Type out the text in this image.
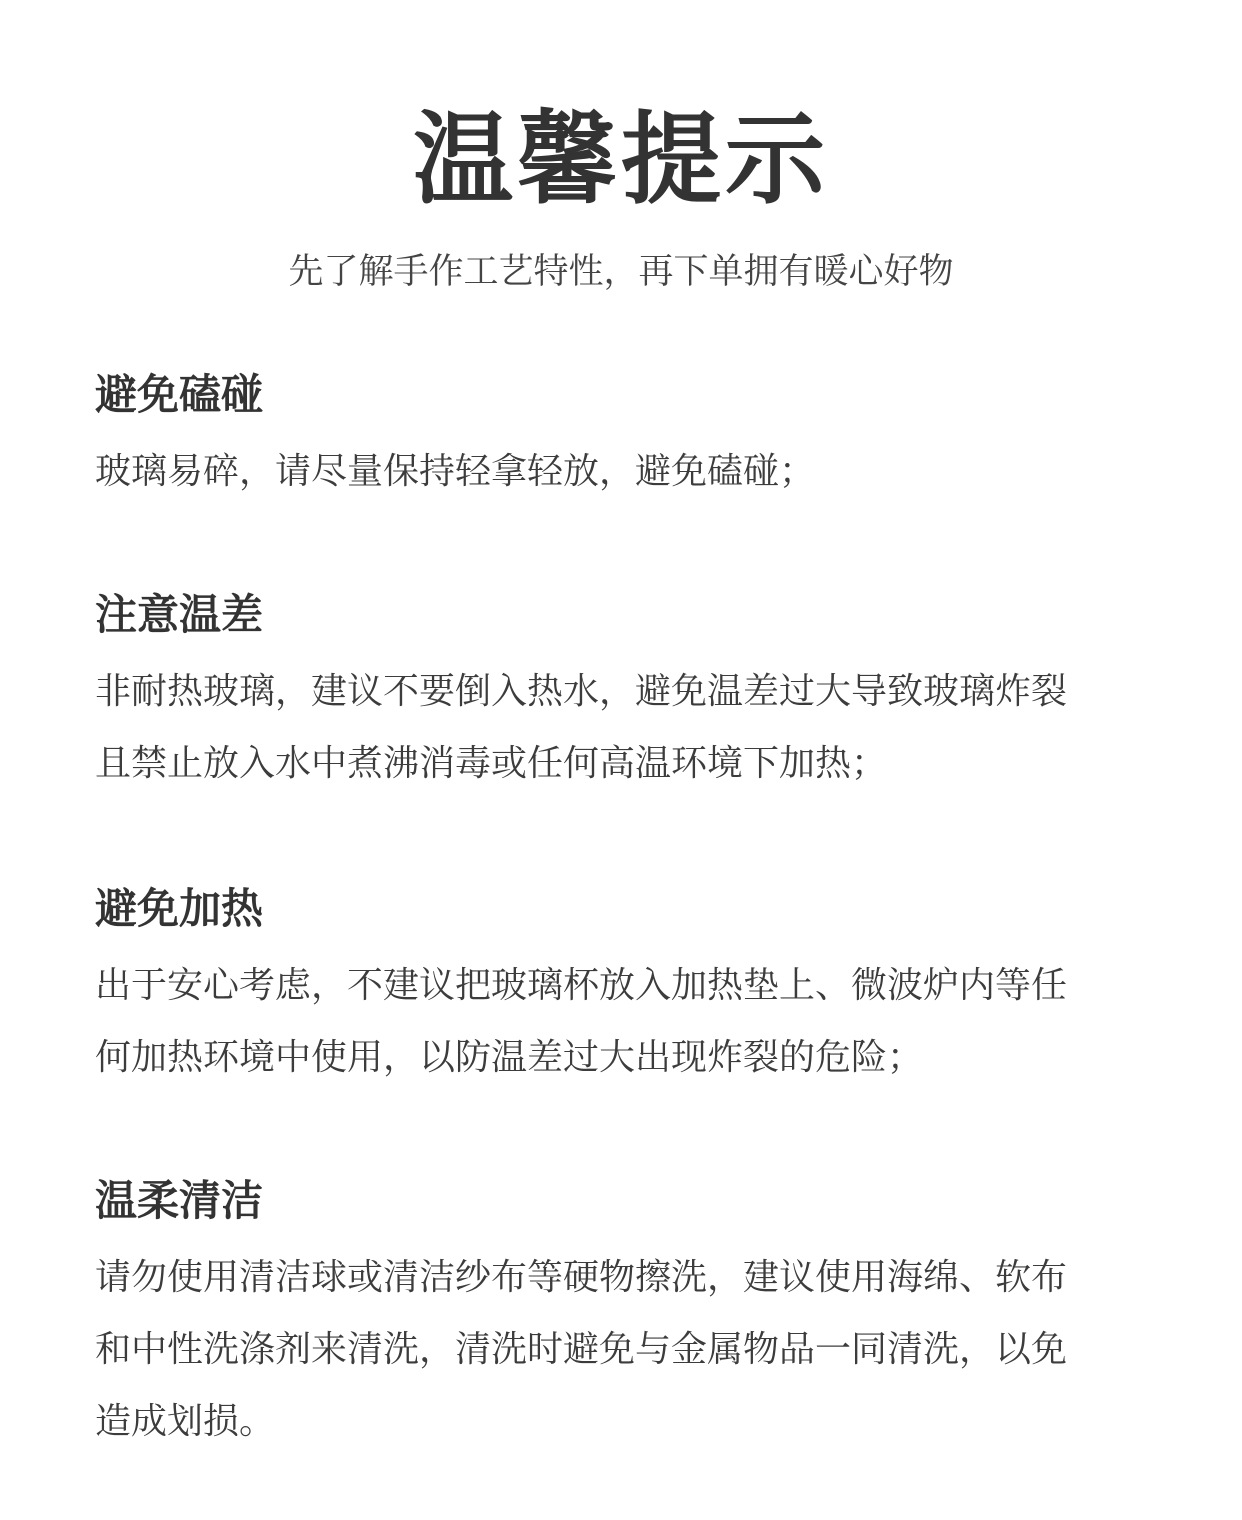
温馨提示
先了解手作工艺特性，再下单拥有暖心好物
避免磕碰
玻璃易碎，请尽量保持轻拿轻放，避免磕碰；
注意温差
非耐热玻璃，建议不要倒入热水，避免温差过大导致玻璃炸裂
且禁止放入水中煮沸消毒或任何高温环境下加热；
避免加热
出于安心考虑，不建议把玻璃杯放入加热垫上、微波炉内等任
何加热环境中使用，以防温差过大出现炸裂的危险；
温柔清洁
请勿使用清洁球或清洁纱布等硬物擦洗，建议使用海绵、软布
和中性洗涤剂来清洗，清洗时避免与金属物品一同清洗，以免
造成划损。
